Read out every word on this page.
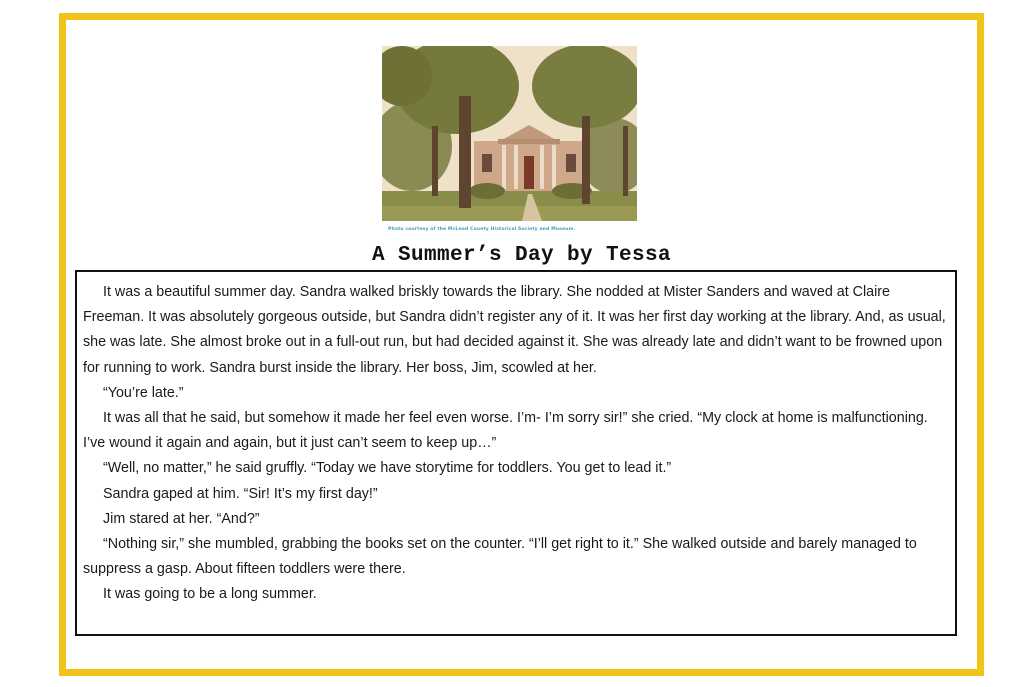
Photo courtesy of the McLeod County Historical Society and Museum.
A Summer’s Day by Tessa

It was a beautiful summer day. Sandra walked briskly towards the library. She nodded at Mister Sanders and waved at Claire Freeman. It was absolutely gorgeous outside, but Sandra didn’t register any of it. It was her first day working at the library. And, as usual, she was late. She almost broke out in a full-out run, but had decided against it. She was already late and didn’t want to be frowned upon for running to work. Sandra burst inside the library. Her boss, Jim, scowled at her.

“You’re late.”

It was all that he said, but somehow it made her feel even worse. I’m- I’m sorry sir!” she cried. “My clock at home is malfunctioning. I’ve wound it again and again, but it just can’t seem to keep up…”

“Well, no matter,” he said gruffly. “Today we have storytime for toddlers. You get to lead it.”

Sandra gaped at him. “Sir! It’s my first day!”

Jim stared at her. “And?”

“Nothing sir,” she mumbled, grabbing the books set on the counter. “I’ll get right to it.” She walked outside and barely managed to suppress a gasp. About fifteen toddlers were there.

It was going to be a long summer.
